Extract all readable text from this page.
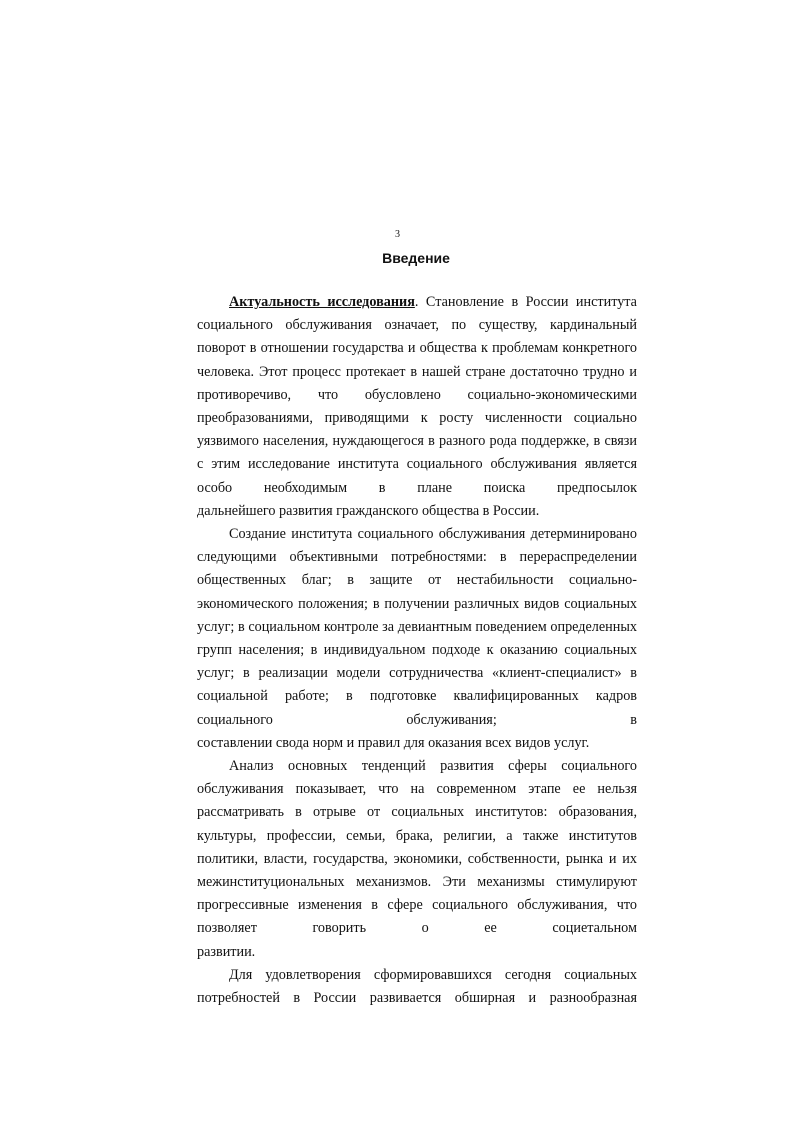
3
Введение

Актуальность исследования. Становление в России института социального обслуживания означает, по существу, кардинальный поворот в отношении государства и общества к проблемам конкретного человека. Этот процесс протекает в нашей стране достаточно трудно и противоречиво, что обусловлено социально-экономическими преобразованиями, приводящими к росту численности социально уязвимого населения, нуждающегося в разного рода поддержке, в связи с этим исследование института социального обслуживания является особо необходимым в плане поиска предпосылок
дальнейшего развития гражданского общества в России.

Создание института социального обслуживания детерминировано следующими объективными потребностями: в перераспределении общественных благ; в защите от нестабильности социально-экономического положения; в получении различных видов социальных услуг; в социальном контроле за девиантным поведением определенных групп населения; в индивидуальном подходе к оказанию социальных услуг; в реализации модели сотрудничества «клиент-специалист» в социальной работе; в подготовке квалифицированных кадров социального обслуживания; в
составлении свода норм и правил для оказания всех видов услуг.

Анализ основных тенденций развития сферы социального обслуживания показывает, что на современном этапе ее нельзя рассматривать в отрыве от социальных институтов: образования, культуры, профессии, семьи, брака, религии, а также институтов политики, власти, государства, экономики, собственности, рынка и их межинституциональных механизмов. Эти механизмы стимулируют прогрессивные изменения в сфере социального обслуживания, что позволяет говорить о ее социетальном
развитии.

Для удовлетворения сформировавшихся сегодня социальных потребностей в России развивается обширная и разнообразная
